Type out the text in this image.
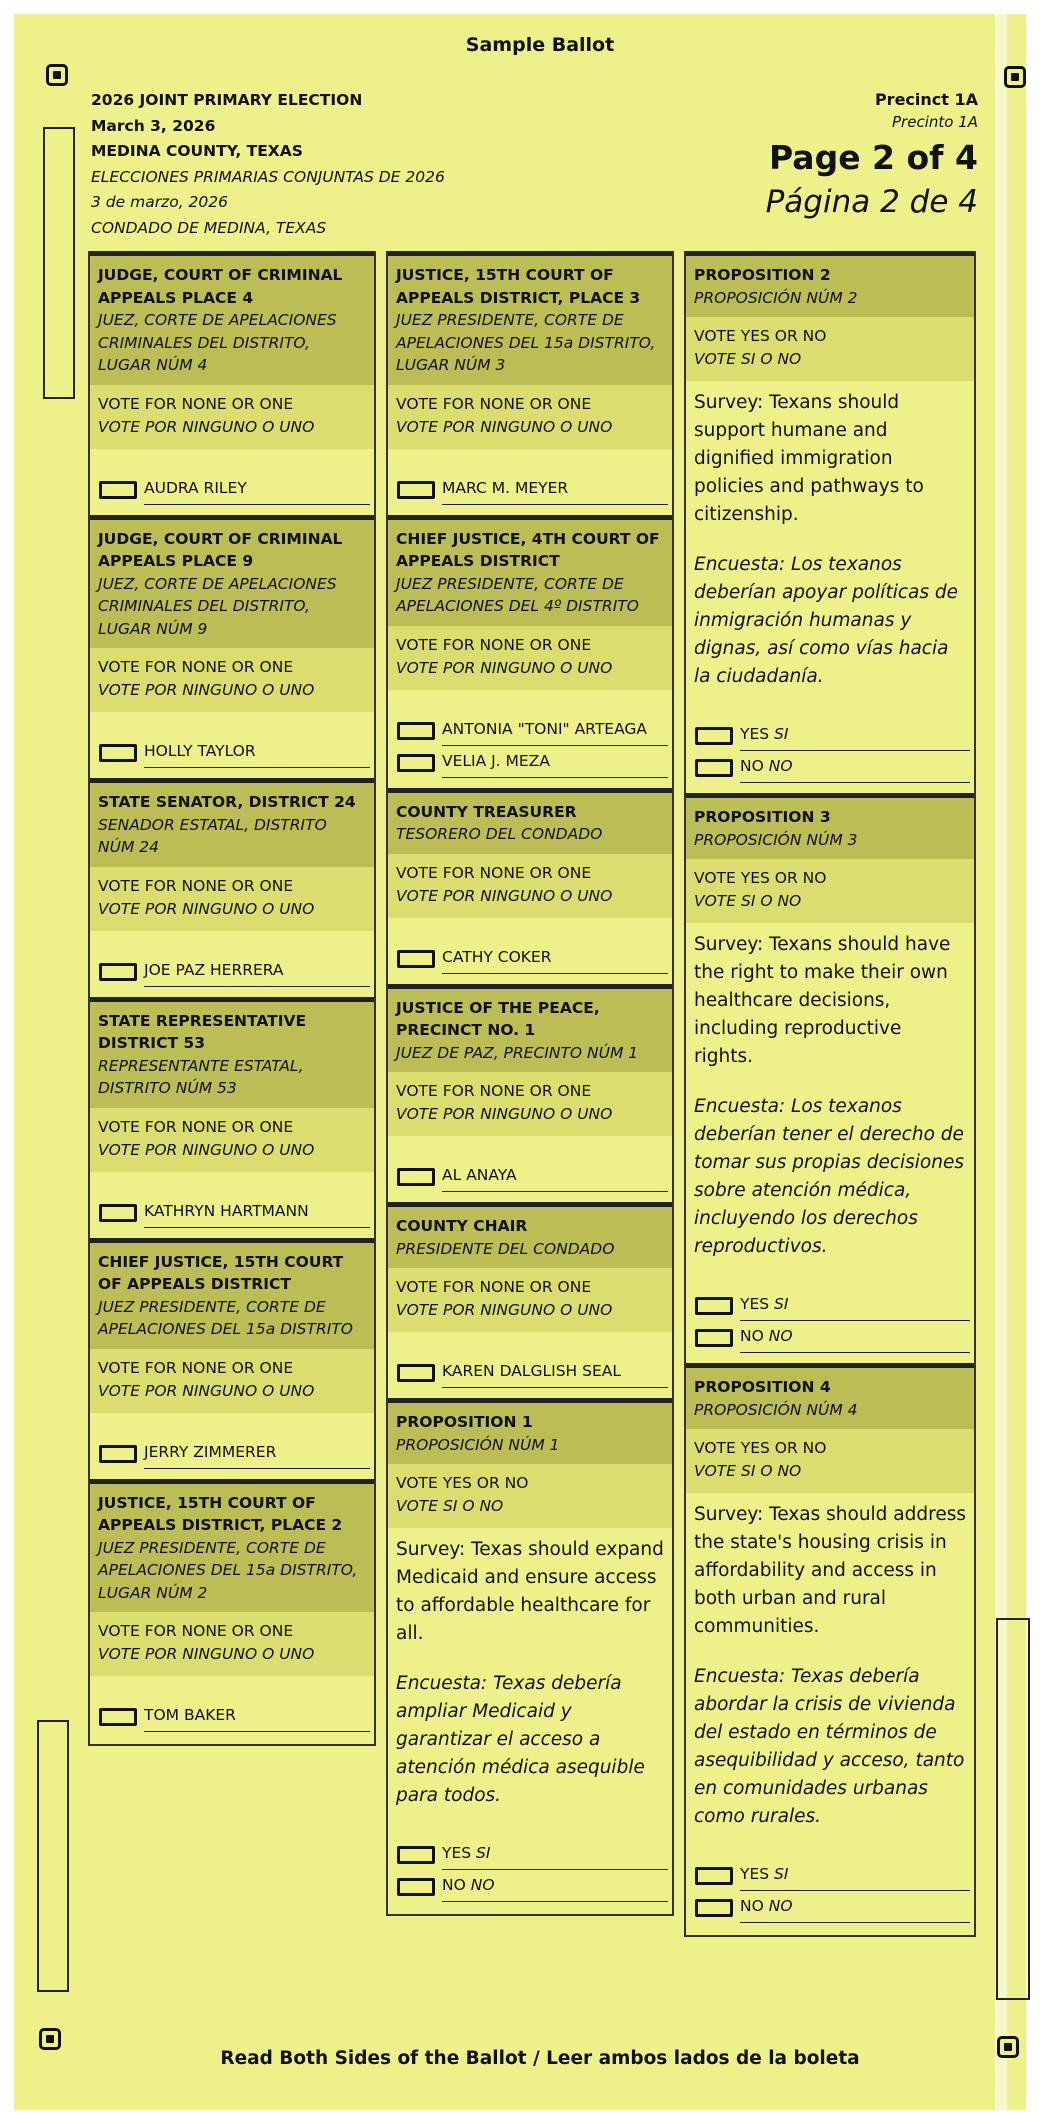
Sample Ballot
2026 JOINT PRIMARY ELECTION
March 3, 2026
MEDINA COUNTY, TEXAS
ELECCIONES PRIMARIAS CONJUNTAS DE 2026
3 de marzo, 2026
CONDADO DE MEDINA, TEXAS
Precinct 1A
Precinto 1A
Page 2 of 4
Página 2 de 4
JUDGE, COURT OF CRIMINAL APPEALS PLACE 4
JUEZ, CORTE DE APELACIONES CRIMINALES DEL DISTRITO, LUGAR NÚM 4
VOTE FOR NONE OR ONE
VOTE POR NINGUNO O UNO
AUDRA RILEY
JUDGE, COURT OF CRIMINAL APPEALS PLACE 9
JUEZ, CORTE DE APELACIONES CRIMINALES DEL DISTRITO, LUGAR NÚM 9
VOTE FOR NONE OR ONE
VOTE POR NINGUNO O UNO
HOLLY TAYLOR
STATE SENATOR, DISTRICT 24
SENADOR ESTATAL, DISTRITO NÚM 24
VOTE FOR NONE OR ONE
VOTE POR NINGUNO O UNO
JOE PAZ HERRERA
STATE REPRESENTATIVE DISTRICT 53
REPRESENTANTE ESTATAL, DISTRITO NÚM 53
VOTE FOR NONE OR ONE
VOTE POR NINGUNO O UNO
KATHRYN HARTMANN
CHIEF JUSTICE, 15TH COURT OF APPEALS DISTRICT
JUEZ PRESIDENTE, CORTE DE APELACIONES DEL 15a DISTRITO
VOTE FOR NONE OR ONE
VOTE POR NINGUNO O UNO
JERRY ZIMMERER
JUSTICE, 15TH COURT OF APPEALS DISTRICT, PLACE 2
JUEZ PRESIDENTE, CORTE DE APELACIONES DEL 15a DISTRITO, LUGAR NÚM 2
VOTE FOR NONE OR ONE
VOTE POR NINGUNO O UNO
TOM BAKER
JUSTICE, 15TH COURT OF APPEALS DISTRICT, PLACE 3
JUEZ PRESIDENTE, CORTE DE APELACIONES DEL 15a DISTRITO, LUGAR NÚM 3
VOTE FOR NONE OR ONE
VOTE POR NINGUNO O UNO
MARC M. MEYER
CHIEF JUSTICE, 4TH COURT OF APPEALS DISTRICT
JUEZ PRESIDENTE, CORTE DE APELACIONES DEL 4º DISTRITO
VOTE FOR NONE OR ONE
VOTE POR NINGUNO O UNO
ANTONIA "TONI" ARTEAGA
VELIA J. MEZA
COUNTY TREASURER
TESORERO DEL CONDADO
VOTE FOR NONE OR ONE
VOTE POR NINGUNO O UNO
CATHY COKER
JUSTICE OF THE PEACE, PRECINCT NO. 1
JUEZ DE PAZ, PRECINTO NÚM 1
VOTE FOR NONE OR ONE
VOTE POR NINGUNO O UNO
AL ANAYA
COUNTY CHAIR
PRESIDENTE DEL CONDADO
VOTE FOR NONE OR ONE
VOTE POR NINGUNO O UNO
KAREN DALGLISH SEAL
PROPOSITION 1
PROPOSICIÓN NÚM 1
VOTE YES OR NO
VOTE SI O NO
Survey: Texas should expand Medicaid and ensure access to affordable healthcare for all.
Encuesta: Texas debería ampliar Medicaid y garantizar el acceso a atención médica asequible para todos.
YES SI
NO NO
PROPOSITION 2
PROPOSICIÓN NÚM 2
VOTE YES OR NO
VOTE SI O NO
Survey: Texans should support humane and dignified immigration policies and pathways to citizenship.
Encuesta: Los texanos deberían apoyar políticas de inmigración humanas y dignas, así como vías hacia la ciudadanía.
YES SI
NO NO
PROPOSITION 3
PROPOSICIÓN NÚM 3
VOTE YES OR NO
VOTE SI O NO
Survey: Texans should have the right to make their own healthcare decisions, including reproductive rights.
Encuesta: Los texanos deberían tener el derecho de tomar sus propias decisiones sobre atención médica, incluyendo los derechos reproductivos.
YES SI
NO NO
PROPOSITION 4
PROPOSICIÓN NÚM 4
VOTE YES OR NO
VOTE SI O NO
Survey: Texas should address the state's housing crisis in affordability and access in both urban and rural communities.
Encuesta: Texas debería abordar la crisis de vivienda del estado en términos de asequibilidad y acceso, tanto en comunidades urbanas como rurales.
YES SI
NO NO
Read Both Sides of the Ballot / Leer ambos lados de la boleta
